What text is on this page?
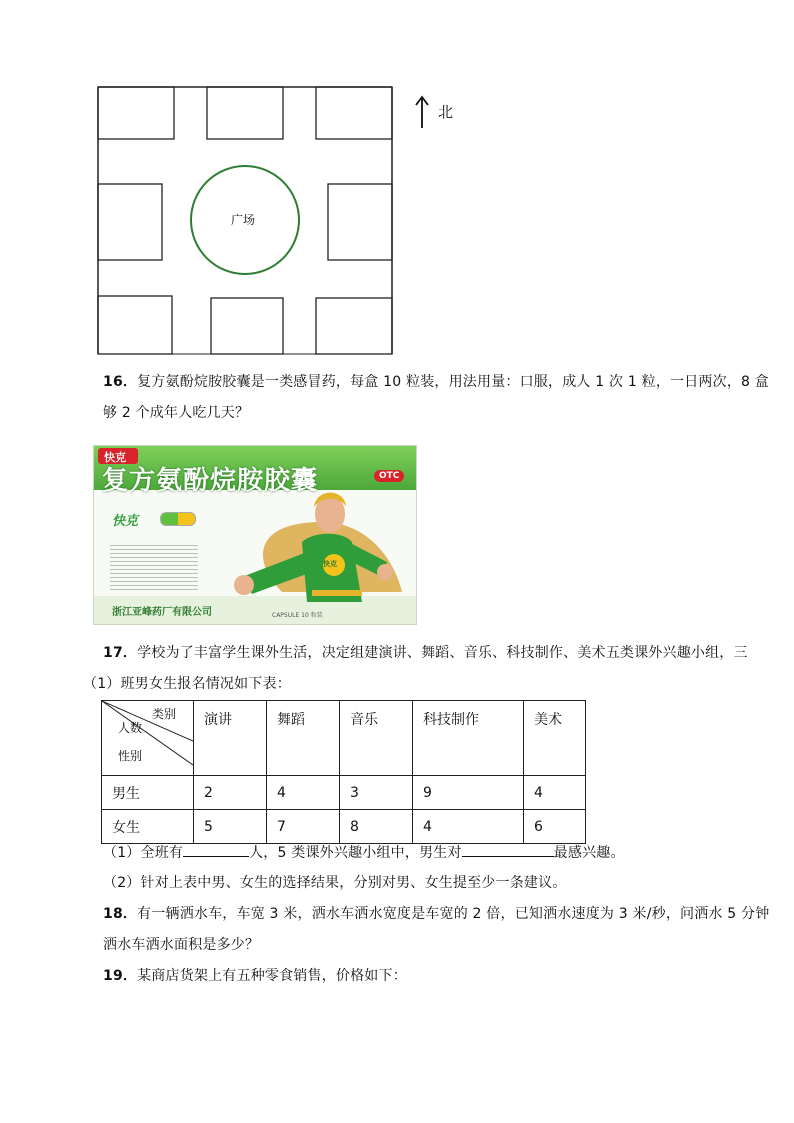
广场
北
16．复方氨酚烷胺胶囊是一类感冒药，每盒 10 粒装，用法用量：口服，成人 1 次 1 粒，一日两次，8 盒
够 2 个成年人吃几天？
快克
复方氨酚烷胺胶囊	OTC
快克
浙江亚峰药厂有限公司	CAPSULE 10 粒装
快克
17．学校为了丰富学生课外生活，决定组建演讲、舞蹈、音乐、科技制作、美术五类课外兴趣小组，三
（1）班男女生报名情况如下表：
类别
人数
性别	演讲	舞蹈	音乐	科技制作	美术
男生	2	4	3	9	4
女生	5	7	8	4	6
（1）全班有	人，5 类课外兴趣小组中，男生对	最感兴趣。
（2）针对上表中男、女生的选择结果，分别对男、女生提至少一条建议。
18．有一辆洒水车，车宽 3 米，洒水车洒水宽度是车宽的 2 倍，已知洒水速度为 3 米/秒，问洒水 5 分钟
洒水车洒水面积是多少？
19．某商店货架上有五种零食销售，价格如下：
